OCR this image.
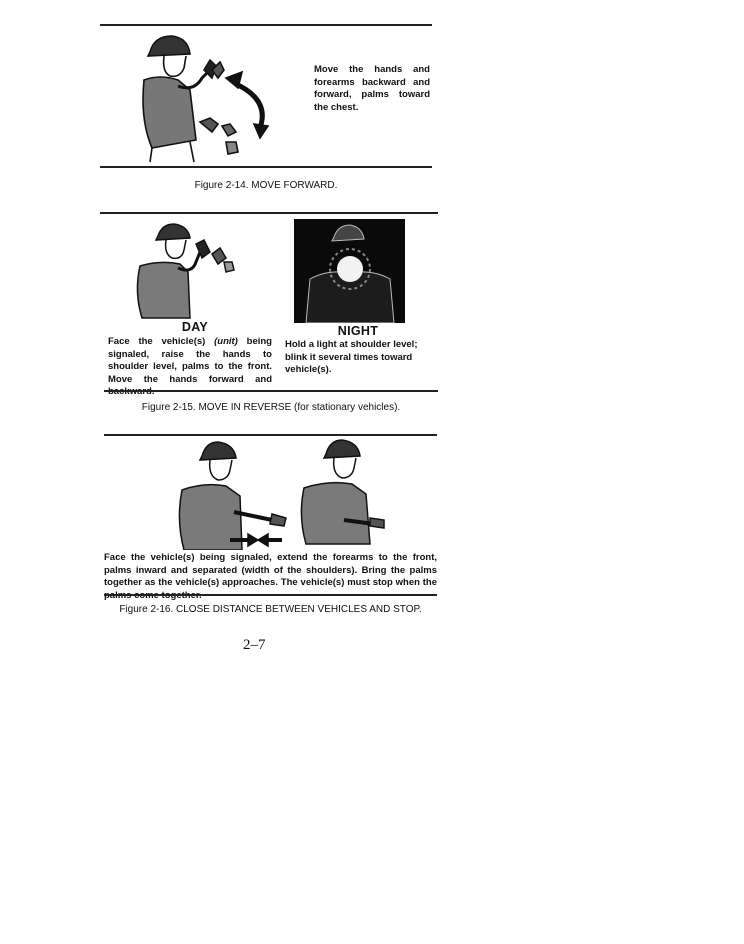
Move the hands and forearms backward and forward, palms toward the chest.
Figure 2-14. MOVE FORWARD.
DAY	NIGHT
Face the vehicle(s) (unit) being signaled, raise the hands to shoulder level, palms to the front. Move the hands forward and backward.
Hold a light at shoulder level; blink it several times toward vehicle(s).
Figure 2-15. MOVE IN REVERSE (for stationary vehicles).
Face the vehicle(s) being signaled, extend the forearms to the front, palms inward and separated (width of the shoulders). Bring the palms together as the vehicle(s) approaches. The vehicle(s) must stop when the palms come together.
Figure 2-16. CLOSE DISTANCE BETWEEN VEHICLES AND STOP.
2–7
